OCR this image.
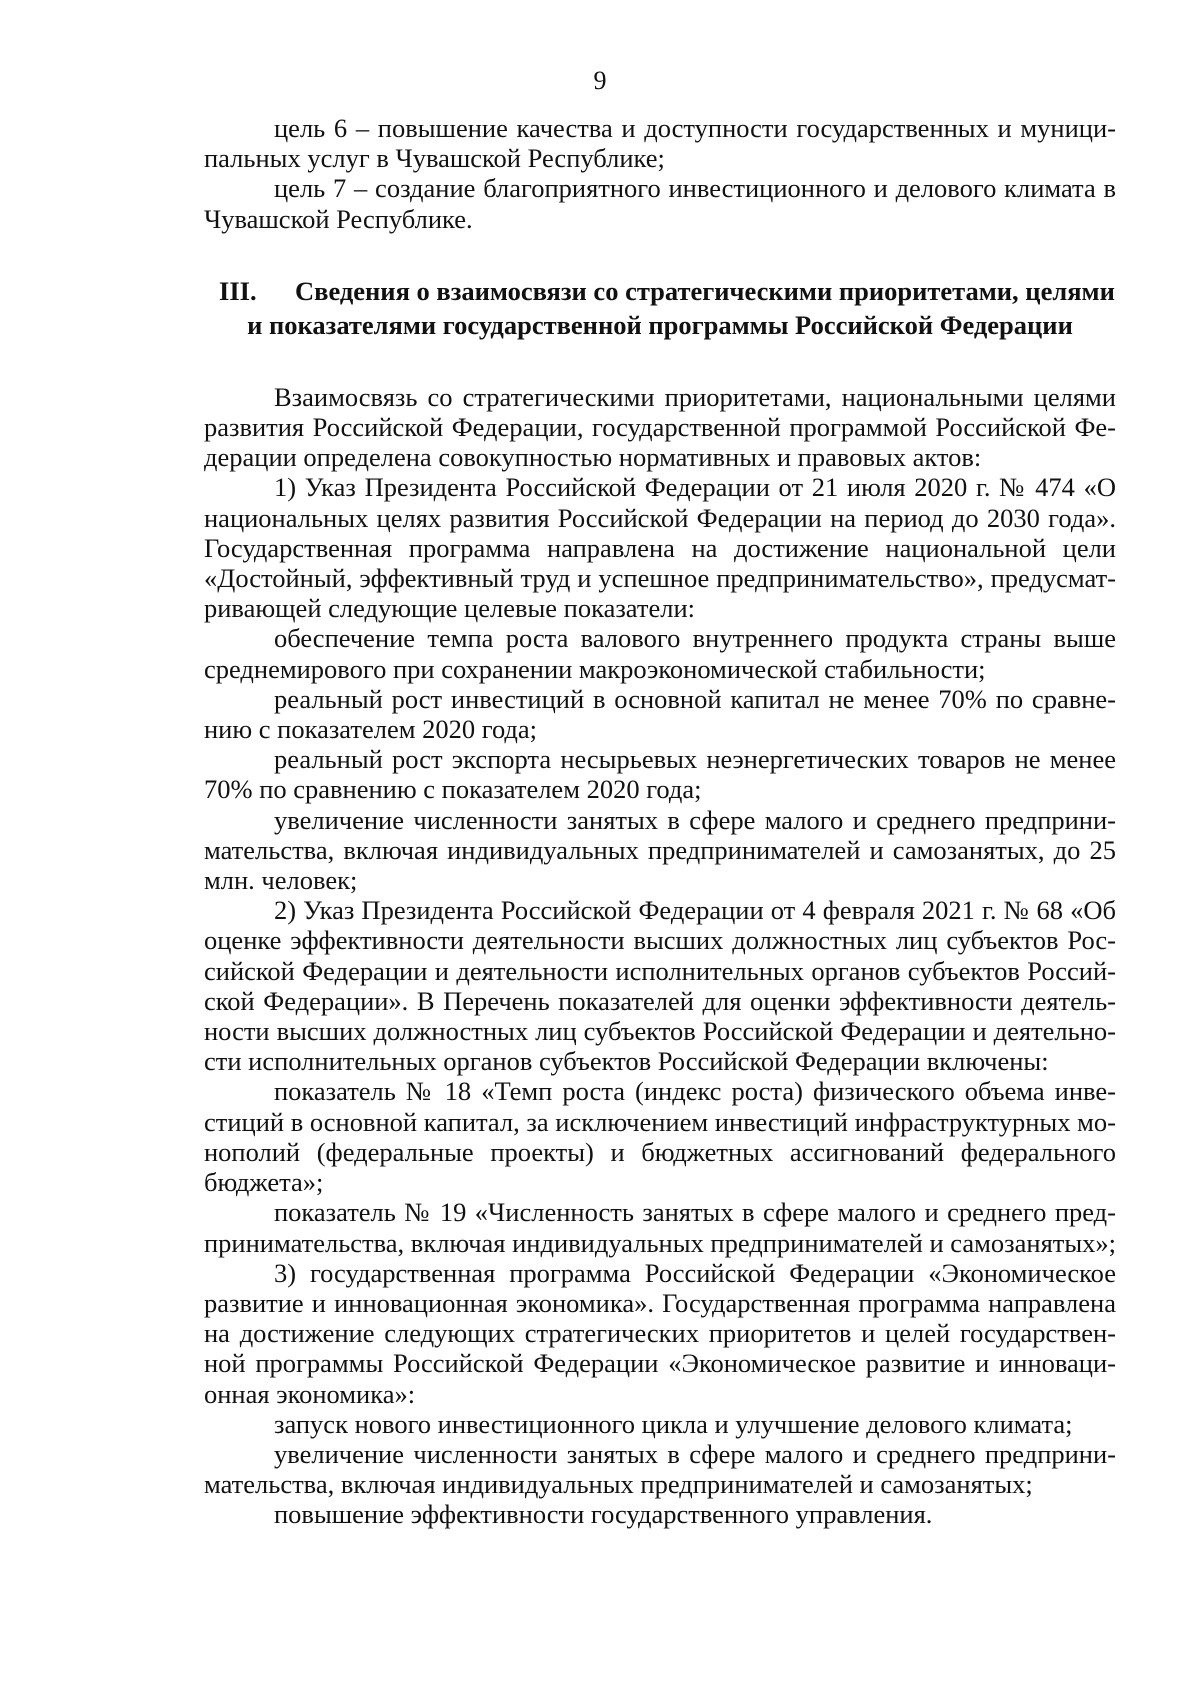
9

цель 6 – повышение качества и доступности государственных и муниципальных услуг в Чувашской Республике;

цель 7 – создание благоприятного инвестиционного и делового климата в Чувашской Республике.

III.	Сведения о взаимосвязи со стратегическими приоритетами, целями
и показателями государственной программы Российской Федерации

Взаимосвязь со стратегическими приоритетами, национальными целями развития Российской Федерации, государственной программой Российской Федерации определена совокупностью нормативных и правовых актов:

1) Указ Президента Российской Федерации от 21 июля 2020 г. № 474 «О национальных целях развития Российской Федерации на период до 2030 года». Государственная программа направлена на достижение национальной цели «Достойный, эффективный труд и успешное предпринимательство», предусматривающей следующие целевые показатели:

обеспечение темпа роста валового внутреннего продукта страны выше среднемирового при сохранении макроэкономической стабильности;

реальный рост инвестиций в основной капитал не менее 70% по сравнению с показателем 2020 года;

реальный рост экспорта несырьевых неэнергетических товаров не менее 70% по сравнению с показателем 2020 года;

увеличение численности занятых в сфере малого и среднего предпринимательства, включая индивидуальных предпринимателей и самозанятых, до 25 млн. человек;

2) Указ Президента Российской Федерации от 4 февраля 2021 г. № 68 «Об оценке эффективности деятельности высших должностных лиц субъектов Российской Федерации и деятельности исполнительных органов субъектов Российской Федерации». В Перечень показателей для оценки эффективности деятельности высших должностных лиц субъектов Российской Федерации и деятельности исполнительных органов субъектов Российской Федерации включены:

показатель № 18 «Темп роста (индекс роста) физического объема инвестиций в основной капитал, за исключением инвестиций инфраструктурных монополий (федеральные проекты) и бюджетных ассигнований федерального бюджета»;

показатель № 19 «Численность занятых в сфере малого и среднего предпринимательства, включая индивидуальных предпринимателей и самозанятых»;

3) государственная программа Российской Федерации «Экономическое развитие и инновационная экономика». Государственная программа направлена на достижение следующих стратегических приоритетов и целей государственной программы Российской Федерации «Экономическое развитие и инновационная экономика»:

запуск нового инвестиционного цикла и улучшение делового климата;

увеличение численности занятых в сфере малого и среднего предпринимательства, включая индивидуальных предпринимателей и самозанятых;

повышение эффективности государственного управления.
